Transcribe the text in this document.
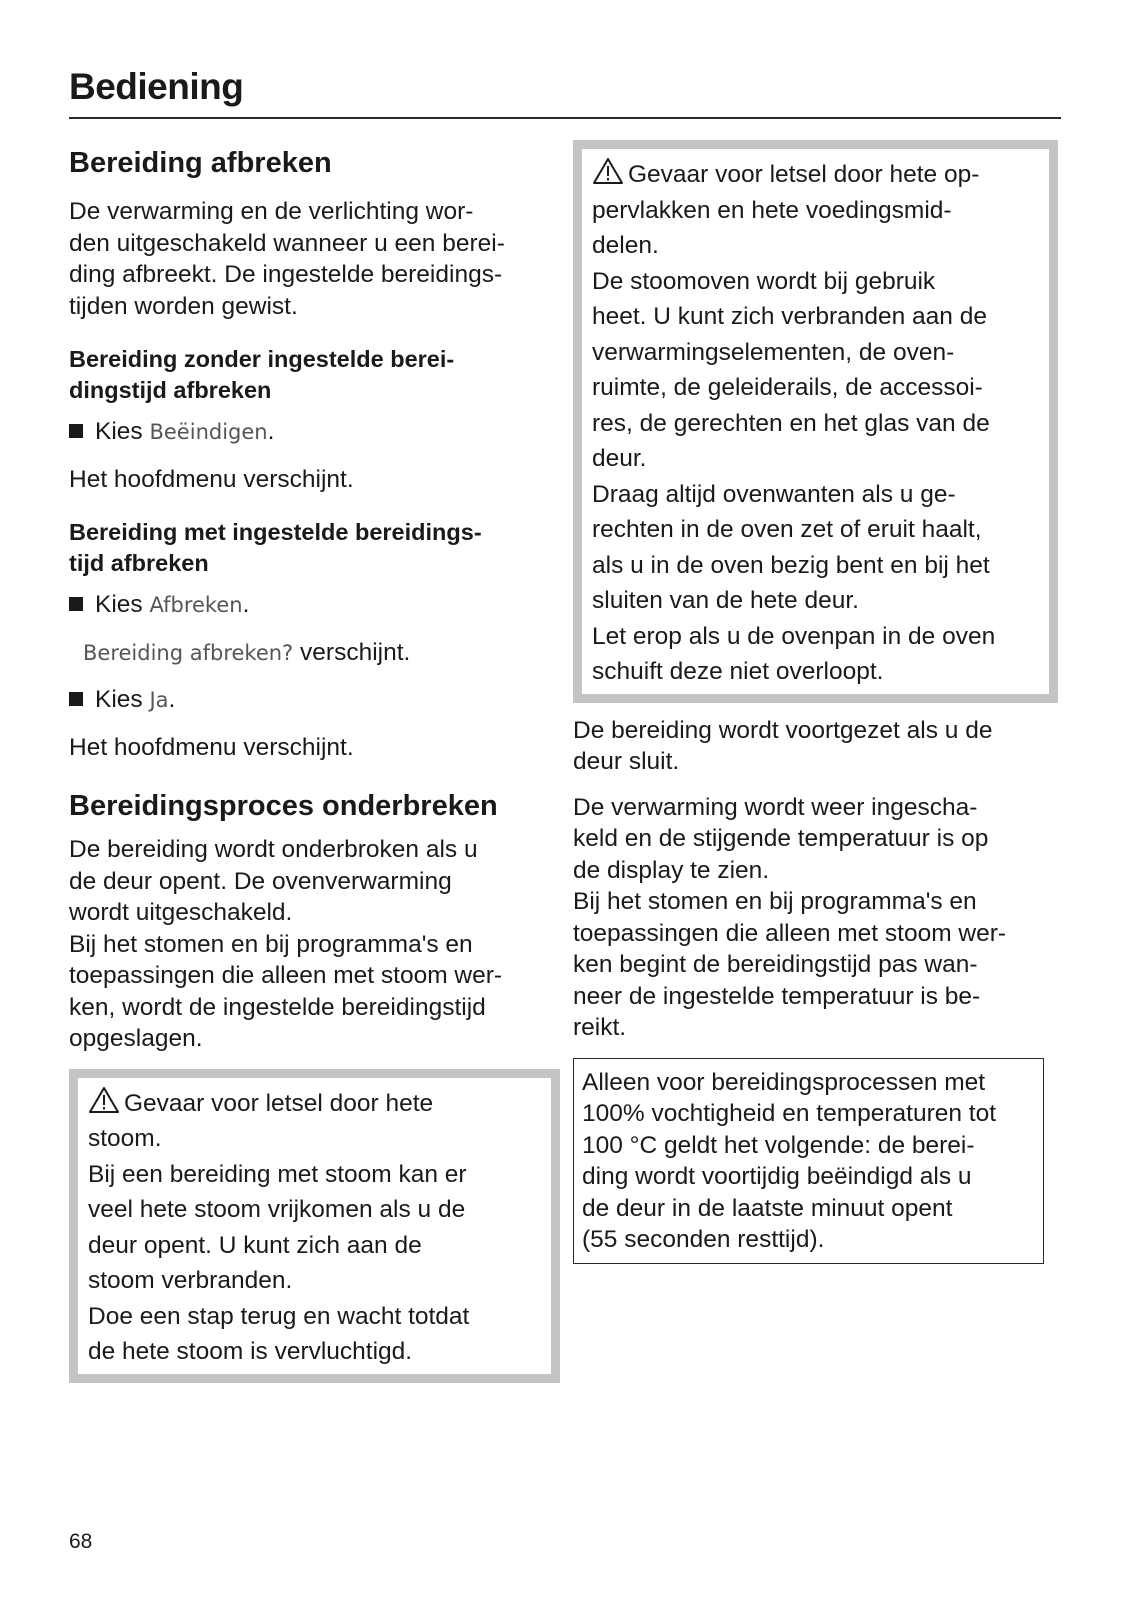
Bediening
Bereiding afbreken

De verwarming en de verlichting wor-

den uitgeschakeld wanneer u een berei-

ding afbreekt. De ingestelde bereidings-

tijden worden gewist.

Bereiding zonder ingestelde berei-
dingstijd afbreken

Kies Beëindigen.

Het hoofdmenu verschijnt.

Bereiding met ingestelde bereidings-
tijd afbreken

Kies Afbreken.

Bereiding afbreken? verschijnt.

Kies Ja.

Het hoofdmenu verschijnt.

Bereidingsproces onderbreken

De bereiding wordt onderbroken als u

de deur opent. De ovenverwarming

wordt uitgeschakeld.

Bij het stomen en bij programma's en

toepassingen die alleen met stoom wer-

ken, wordt de ingestelde bereidingstijd

opgeslagen.

Gevaar voor letsel door hete

stoom.

Bij een bereiding met stoom kan er

veel hete stoom vrijkomen als u de

deur opent. U kunt zich aan de

stoom verbranden.

Doe een stap terug en wacht totdat

de hete stoom is vervluchtigd.

Gevaar voor letsel door hete op-

pervlakken en hete voedingsmid-

delen.

De stoomoven wordt bij gebruik

heet. U kunt zich verbranden aan de

verwarmingselementen, de oven-

ruimte, de geleiderails, de accessoi-

res, de gerechten en het glas van de

deur.

Draag altijd ovenwanten als u ge-

rechten in de oven zet of eruit haalt,

als u in de oven bezig bent en bij het

sluiten van de hete deur.

Let erop als u de ovenpan in de oven

schuift deze niet overloopt.

De bereiding wordt voortgezet als u de

deur sluit.

De verwarming wordt weer ingescha-

keld en de stijgende temperatuur is op

de display te zien.

Bij het stomen en bij programma's en

toepassingen die alleen met stoom wer-

ken begint de bereidingstijd pas wan-

neer de ingestelde temperatuur is be-

reikt.

Alleen voor bereidingsprocessen met

100% vochtigheid en temperaturen tot

100 °C geldt het volgende: de berei-

ding wordt voortijdig beëindigd als u

de deur in de laatste minuut opent

(55 seconden resttijd).

68
